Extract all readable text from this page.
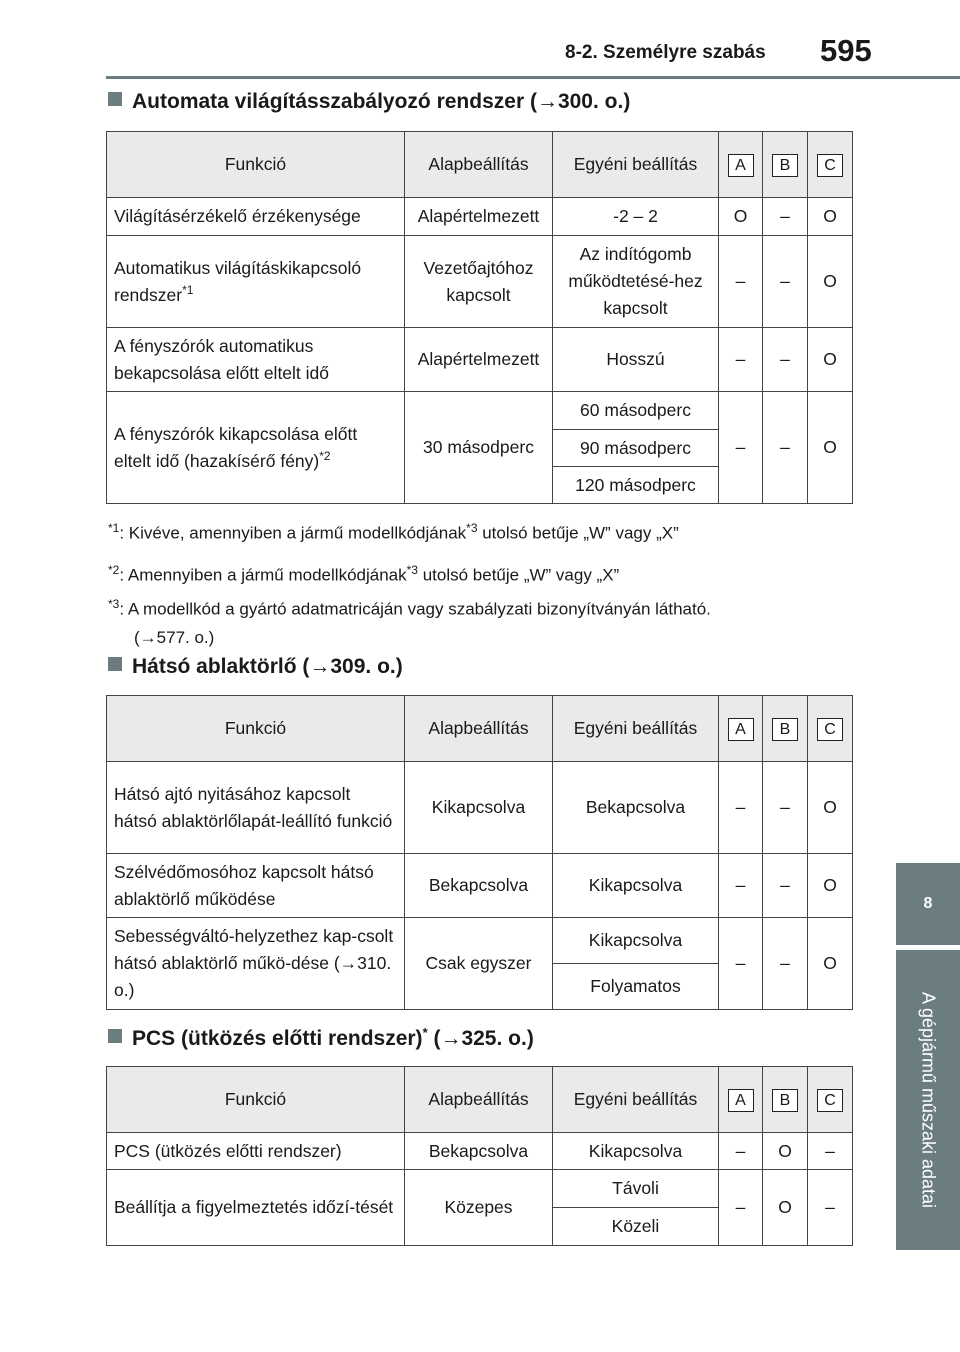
8-2. Személyre szabás 595
8
A gépjármű műszaki adatai
Automata világításszabályozó rendszer (→300. o.)
Funkció	Alapbeállítás	Egyéni beállítás	A	B	C
Világításérzékelő érzékenysége	Alapértelmezett	-2 – 2	O	–	O
Automatikus világításkikapcsoló rendszer$^{*1}$	Vezetőajtóhoz kapcsolt	Az indítógomb működtetésé-hez kapcsolt	–	–	O
A fényszórók automatikus bekapcsolása előtt eltelt idő	Alapértelmezett	Hosszú	–	–	O
A fényszórók kikapcsolása előtt eltelt idő (hazakísérő fény)$^{*2}$	30 másodperc	60 másodperc	–	–	O
		90 másodperc			
		120 másodperc			
$^{*1}$: Kivéve, amennyiben a jármű modellkódjának$^{*3}$ utolsó betűje „W” vagy „X”
$^{*2}$: Amennyiben a jármű modellkódjának$^{*3}$ utolsó betűje „W” vagy „X”
$^{*3}$: A modellkód a gyártó adatmatricáján vagy szabályzati bizonyítványán látható.
(→577. o.)
Hátsó ablaktörlő (→309. o.)
Funkció	Alapbeállítás	Egyéni beállítás	A	B	C
Hátsó ajtó nyitásához kapcsolt hátsó ablaktörlőlapát-leállító funkció	Kikapcsolva	Bekapcsolva	–	–	O
Szélvédőmosóhoz kapcsolt hátsó ablaktörlő működése	Bekapcsolva	Kikapcsolva	–	–	O
Sebességváltó-helyzethez kap-csolt hátsó ablaktörlő műkö-dése (→310. o.)	Csak egyszer	Kikapcsolva	–	–	O
		Folyamatos			
PCS (ütközés előtti rendszer)* (→325. o.)
Funkció	Alapbeállítás	Egyéni beállítás	A	B	C
PCS (ütközés előtti rendszer)	Bekapcsolva	Kikapcsolva	–	O	–
Beállítja a figyelmeztetés időzí-tését	Közepes	Távoli	–	O	–
		Közeli			
